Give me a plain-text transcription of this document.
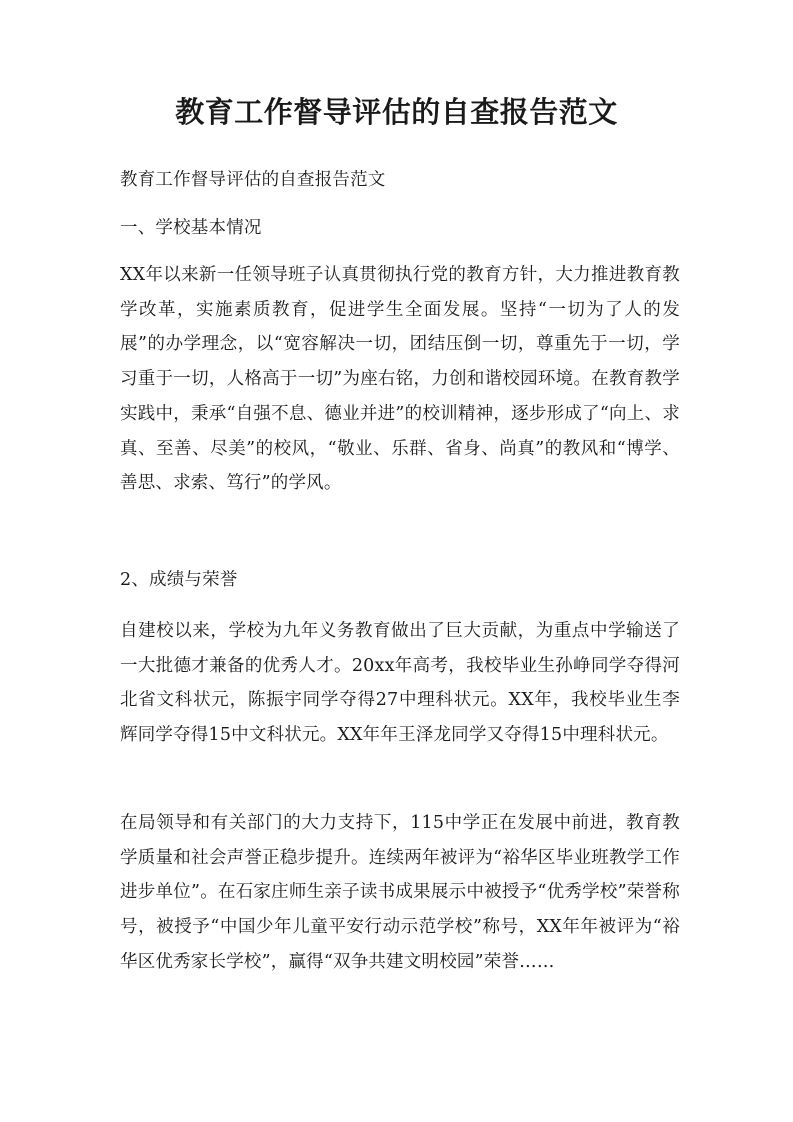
教育工作督导评估的自查报告范文

教育工作督导评估的自查报告范文

一、学校基本情况

XX年以来新一任领导班子认真贯彻执行党的教育方针，大力推进教育教学改革，实施素质教育，促进学生全面发展。坚持“一切为了人的发展”的办学理念，以“宽容解决一切，团结压倒一切，尊重先于一切，学习重于一切，人格高于一切”为座右铭，力创和谐校园环境。在教育教学实践中，秉承“自强不息、德业并进”的校训精神，逐步形成了“向上、求真、至善、尽美”的校风，“敬业、乐群、省身、尚真”的教风和“博学、善思、求索、笃行”的学风。

2、成绩与荣誉

自建校以来，学校为九年义务教育做出了巨大贡献，为重点中学输送了一大批德才兼备的优秀人才。20xx年高考，我校毕业生孙峥同学夺得河北省文科状元，陈振宇同学夺得27中理科状元。XX年，我校毕业生李辉同学夺得15中文科状元。XX年年王泽龙同学又夺得15中理科状元。

在局领导和有关部门的大力支持下，115中学正在发展中前进，教育教学质量和社会声誉正稳步提升。连续两年被评为“裕华区毕业班教学工作进步单位”。在石家庄师生亲子读书成果展示中被授予“优秀学校”荣誉称号，被授予“中国少年儿童平安行动示范学校”称号，XX年年被评为“裕华区优秀家长学校”，赢得“双争共建文明校园”荣誉……
